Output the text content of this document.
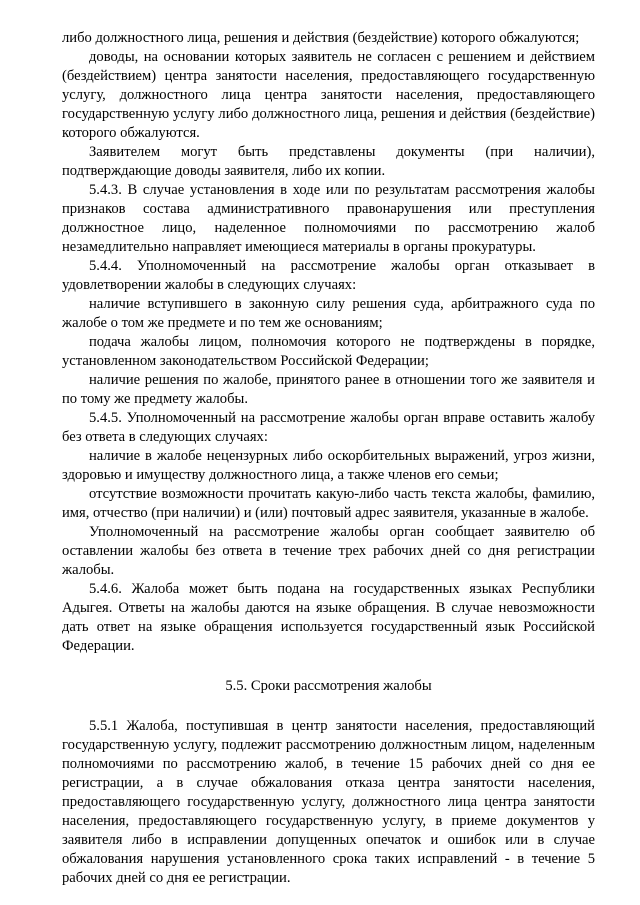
либо должностного лица, решения и действия (бездействие) которого обжалуются;

доводы, на основании которых заявитель не согласен с решением и действием (бездействием) центра занятости населения, предоставляющего государственную услугу, должностного лица центра занятости населения, предоставляющего государственную услугу либо должностного лица, решения и действия (бездействие) которого обжалуются.

Заявителем могут быть представлены документы (при наличии), подтверждающие доводы заявителя, либо их копии.

5.4.3. В случае установления в ходе или по результатам рассмотрения жалобы признаков состава административного правонарушения или преступления должностное лицо, наделенное полномочиями по рассмотрению жалоб незамедлительно направляет имеющиеся материалы в органы прокуратуры.

5.4.4. Уполномоченный на рассмотрение жалобы орган отказывает в удовлетворении жалобы в следующих случаях:

наличие вступившего в законную силу решения суда, арбитражного суда по жалобе о том же предмете и по тем же основаниям;

подача жалобы лицом, полномочия которого не подтверждены в порядке, установленном законодательством Российской Федерации;

наличие решения по жалобе, принятого ранее в отношении того же заявителя и по тому же предмету жалобы.

5.4.5. Уполномоченный на рассмотрение жалобы орган вправе оставить жалобу без ответа в следующих случаях:

наличие в жалобе нецензурных либо оскорбительных выражений, угроз жизни, здоровью и имуществу должностного лица, а также членов его семьи;

отсутствие возможности прочитать какую-либо часть текста жалобы, фамилию, имя, отчество (при наличии) и (или) почтовый адрес заявителя, указанные в жалобе.

Уполномоченный на рассмотрение жалобы орган сообщает заявителю об оставлении жалобы без ответа в течение трех рабочих дней со дня регистрации жалобы.

5.4.6. Жалоба может быть подана на государственных языках Республики Адыгея. Ответы на жалобы даются на языке обращения. В случае невозможности дать ответ на языке обращения используется государственный язык Российской Федерации.

5.5. Сроки рассмотрения жалобы

5.5.1 Жалоба, поступившая в центр занятости населения, предоставляющий государственную услугу, подлежит рассмотрению должностным лицом, наделенным полномочиями по рассмотрению жалоб, в течение 15 рабочих дней со дня ее регистрации, а в случае обжалования отказа центра занятости населения, предоставляющего государственную услугу, должностного лица центра занятости населения, предоставляющего государственную услугу, в приеме документов у заявителя либо в исправлении допущенных опечаток и ошибок или в случае обжалования нарушения установленного срока таких исправлений - в течение 5 рабочих дней со дня ее регистрации.
